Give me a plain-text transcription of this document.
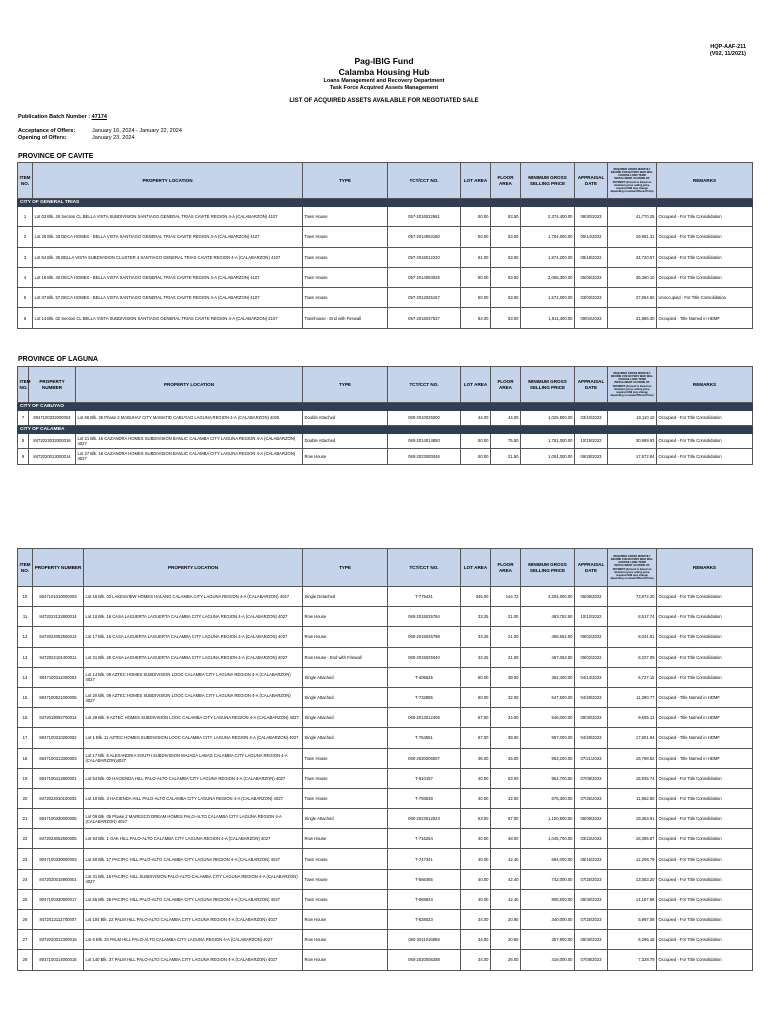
HQP-AAF-211
(V02, 11/2021)
Pag-IBIG Fund
Calamba Housing Hub
Loans Management and Recovery Department
Task Force Acquired Assets Management
LIST OF ACQUIRED ASSETS AVAILABLE FOR NEGOTIATED SALE
Publication Batch Number : 47174
Acceptance of Offers:	January 16, 2024 - January 22, 2024
Opening of Offers:	January 23, 2024
PROVINCE OF CAVITE
ITEM NO.	PROPERTY LOCATION	TYPE	TCT/CCT NO.	LOT AREA	FLOOR AREA	MINIMUM GROSS SELLING PRICE	APPRAISAL DATE	REQUIRED GROSS MONTHLY INCOME FOR BUYERS WHO WILL CHOOSE LONG TERM INSTALLMENT AS MODE OF PAYMENT (Amount is based on minimum gross selling price, required GMI may change depending on actual Offered Price)	REMARKS
CITY OF GENERAL TRIAS									
1	Lot 03 Blk. 26 Section CL BELLA VISTA SUBDIVISION SANTIAGO GENERAL TRIAS CAVITE REGION 4-A (CALABARZON) 4107	Town House	057-2016022681	50.00	83.50	2,374,400.00	08/30/2023	41,770.25	Occupied - For Title Consolidation
2	Lot 28 Blk. 33 DECA HOMES - BELLA VISTA SANTIAGO GENERAL TRIAS CAVITE REGION 4-A (CALABARZON) 4107	Town House	057-2014053180	50.00	53.00	1,704,000.00	05/14/2022	29,981.31	Occupied - For Title Consolidation
3	Lot 54 Blk. 35 BELLA VISTA SUBDIVISION CLUSTER 4 SANTIAGO GENERAL TRIAS CAVITE REGION 4-A (CALABARZON) 4107	Town House	057-2016012220	61.00	53.00	1,974,200.00	08/18/2022	34,720.57	Occupied - For Title Consolidation
4	Lot 18 Blk. 40 DECA HOMES - BELLA VISTA SANTIAGO GENERAL TRIAS CAVITE REGION 4-A (CALABARZON) 4107	Town House	057-2014053026	50.00	53.00	2,065,300.00	05/05/2023	36,350.10	Occupied - For Title Consolidation
5	Lot 37 Blk. 57 DECA HOMES - BELLA VISTA SANTIAGO GENERAL TRIAS CAVITE REGION 4-A (CALABARZON) 4107	Town House	057-2012025167	50.00	53.00	1,572,000.00	03/03/2023	27,654.50	Unoccupied - For Title Consolidation
6	Lot 14 Blk. 02 Section CL BELLA VISTA SUBDIVISION SANTIAGO GENERAL TRIAS CAVITE REGION 4-A (CALABARZON) 4107	Townhouse - End with Firewall	057-2016037537	84.00	53.00	1,811,400.00	09/04/2023	31,866.30	Occupied - Title Named in HDMF
PROVINCE OF LAGUNA
ITEM NO.	PROPERTY NUMBER	PROPERTY LOCATION	TYPE	TCT/CCT NO.	LOT AREA	FLOOR AREA	MINIMUM GROSS SELLING PRICE	APPRAISAL DATE	REQUIRED GROSS MONTHLY INCOME FOR BUYERS WHO WILL CHOOSE LONG TERM INSTALLMENT AS MODE OF PAYMENT (Amount is based on minimum gross selling price, required GMI may change depending on actual Offered Price)	REMARKS
CITY OF CABUYAO										
7	8047100332000004	Lot 66 Blk. 26 Phase 2 MABUHAY CITY MAMATID CABUYAO LAGUNA REGION 4-A (CALABARZON) 4025	Double Attached	060-2010025000	44.00	44.00	1,025,800.00	03/10/2023	18,110.10	Occupied - For Title Consolidation
CITY OF CALAMBA										
8	8472023032000016	Lot 21 Blk. 16 CAZANDRA HOMES SUBDIVISION BANLIC CALAMBA CITY LAGUNA REGION 4-A (CALABARZON) 4027	Double Attached	060-2014014850	50.00	75.50	1,761,000.00	10/19/2022	30,989.93	Occupied - For Title Consolidation
9	8472020013000014	Lot 27 Blk. 16 CAZANDRA HOMES SUBDIVISION BANLIC CALAMBA CITY LAGUNA REGION 4-A (CALABARZON) 4027	Row House	060-2023000046	50.00	21.50	1,004,000.00	09/28/2023	17,672.84	Occupied - For Title Consolidation
ITEM NO.	PROPERTY NUMBER	PROPERTY LOCATION	TYPE	TCT/CCT NO.	LOT AREA	FLOOR AREA	MINIMUM GROSS SELLING PRICE	APPRAISAL DATE	REQUIRED GROSS MONTHLY INCOME FOR BUYERS WHO WILL CHOOSE LONG TERM INSTALLMENT AS MODE OF PAYMENT (Amount is based on minimum gross selling price, required GMI may change depending on actual Offered Price)	REMARKS
10	8047101010000003	Lot 16 Blk. 03 LAKESVIEW HOMES HALANG CALAMBA CITY LAGUNA REGION 4-A (CALABARZON) 4027	Single Detached	T-775431	345.00	144.72	4,204,000.00	06/09/2022	73,972.20	Occupied - For Title Consolidation
11	8472022122800014	Lot 10 Blk. 16 CASA LAGUERTA LAGUERTA CALAMBA CITY LAGUNA REGION 4-A (CALABARZON) 4027	Row House	060-2015025784	33.25	21.00	483,762.50	10/12/2022	8,517.74	Occupied - For Title Consolidation
12	8472022052500014	Lot 17 Blk. 16 CASA LAGUERTA LAGUERTA CALAMBA CITY LAGUNA REGION 4-A (CALABARZON) 4027	Row House	060-2015025798	33.25	21.00	458,562.50	09/02/2022	8,031.81	Occupied - For Title Consolidation
13	8472022101400011	Lot 31 Blk. 28 CASA LAGUERTA LAGUERTA CALAMBA CITY LAGUNA REGION 4-A (CALABARZON) 4027	Row House - End with Firewall	060-2015025040	33.25	21.00	467,062.50	09/02/2022	8,227.09	Occupied - For Title Consolidation
14	8047100311000003	Lot 14 Blk. 09 AZTEC HOMES SUBDIVISION LOOC CALAMBA CITY LAGUNA REGION 4-A (CALABARZON) 4027	Single Attached	T-405525	60.00	38.00	382,400.00	04/14/2023	6,727.15	Occupied - For Title Consolidation
15	8047100521000005	Lot 20 Blk. 09 AZTEC HOMES SUBDIVISION LOOC CALAMBA CITY LAGUNA REGION 4-A (CALABARZON) 4027	Single Attached	T-732885	60.00	32.00	647,500.00	04/28/2023	11,390.77	Occupied - Title Named in HDMF
16	8472019092700014	Lot 28 Blk. 9 AZTEC HOMES SUBDIVISION LOOC CALAMBA CITY LAGUNA REGION 4-A (CALABARZON) 4027	Single Attached	060-2013012405	67.00	34.00	546,000.00	08/30/2023	9,605.13	Occupied - Title Named in HDMF
17	8047100310250002	Lot 1 Blk. 11 AZTEC HOMES SUBDIVISION LOOC CALAMBA CITY LAGUNA REGION 4-A (CALABARZON) 4027	Single Attached	T-754551	67.00	38.00	997,000.00	04/28/2023	17,601.94	Occupied - Title Named in HDMF
18	8047100313300003	Lot 17 Blk. 6 ALEXANDRIA SOUTH SUBDIVISION MAJADA LABAS CALAMBA CITY LAGUNA REGION 4-A (CALABARZON)4027	Town House	060-2020006007	36.00	45.00	953,200.00	07/21/2023	16,768.62	Occupied - Title Named in HDMF
19	8047100412800001	Lot 54 Blk. 02 HACIENDA HILL PALO-ALTO CALAMBA CITY LAGUNA REGION 4-A (CALABARZON) 4027	Town House	T-510157	40.00	53.00	962,700.00	07/08/2023	16,935.74	Occupied - For Title Consolidation
20	8472022010100002	Lot 19 Blk. 3 HACIENDA HILL PALO-ALTO CALAMBA CITY LAGUNA REGION 4-A (CALABARZON) 4027	Town House	T-793538	40.00	42.00	676,300.00	07/25/2023	11,952.60	Occupied - For Title Consolidation
21	8047100330000005	Lot 09 Blk. 05 Phase 2 MARESCO DREAM HOMES PALO-ALTO CALAMBA CITY LAGUNA REGION 4-A (CALABARZON) 4027	Single Attached	060-2023012923	63.00	57.00	1,100,500.00	06/09/2022	19,353.91	Occupied - For Title Consolidation
22	8472023052500005	Lot 84 Blk. 1 OAK HILL PALO-ALTO CALAMBA CITY LAGUNA REGION 4-A (CALABARZON) 4027	Row House	T-716254	40.00	48.00	1,045,700.00	03/23/2023	18,395.87	Occupied - For Title Consolidation
23	8047100330000003	Lot 50 Blk. 17 PACIFIC HILL PALO-ALTO CALAMBA CITY LAGUNA REGION 4-A (CALABARZON) 4027	Town House	T-747341	40.00	42.40	694,000.00	08/16/2023	12,208.79	Occupied - For Title Consolidation
24	8472020016900001	Lot 31 Blk. 18 PACIFIC HILL SUBDIVISION PALO-ALTO CALAMBA CITY LAGUNA REGION 4-A (CALABARZON) 4027	Town House	T-566465	40.00	42.40	742,000.00	07/25/2023	13,053.20	Occupied - For Title Consolidation
25	8047100330900017	Lot 65 Blk. 26 PACIFIC HILL PALO-ALTO CALAMBA CITY LAGUNA REGION 4-A (CALABARZON) 4027	Town House	T-568834	40.00	42.40	806,500.00	08/30/2023	14,187.88	Occupied - For Title Consolidation
26	8472013112700007	Lot 104 Blk. 22 PALM HILL PALO-ALTO CALAMBA CITY LAGUNA REGION 4-A (CALABARZON) 4027	Row House	T-828023	34.00	20.90	340,000.00	07/25/2023	5,997.09	Occupied - For Title Consolidation
27	8472020012300016	Lot 6 Blk. 34 PALM HILL PALO-ALTO CALAMBA CITY LAGUNA REGION 4-A (CALABARZON) 4027	Row House	060-2011016859	34.00	20.80	357,900.00	08/30/2023	6,296.15	Occupied - For Title Consolidation
28	8047100314000016	Lot 140 Blk. 37 PALM HILL PALO-ALTO CALAMBA CITY LAGUNA REGION 4-A (CALABARZON) 4027	Row House	060-2020006288	34.00	26.00	416,000.00	07/08/2023	7,328.79	Occupied - For Title Consolidation
